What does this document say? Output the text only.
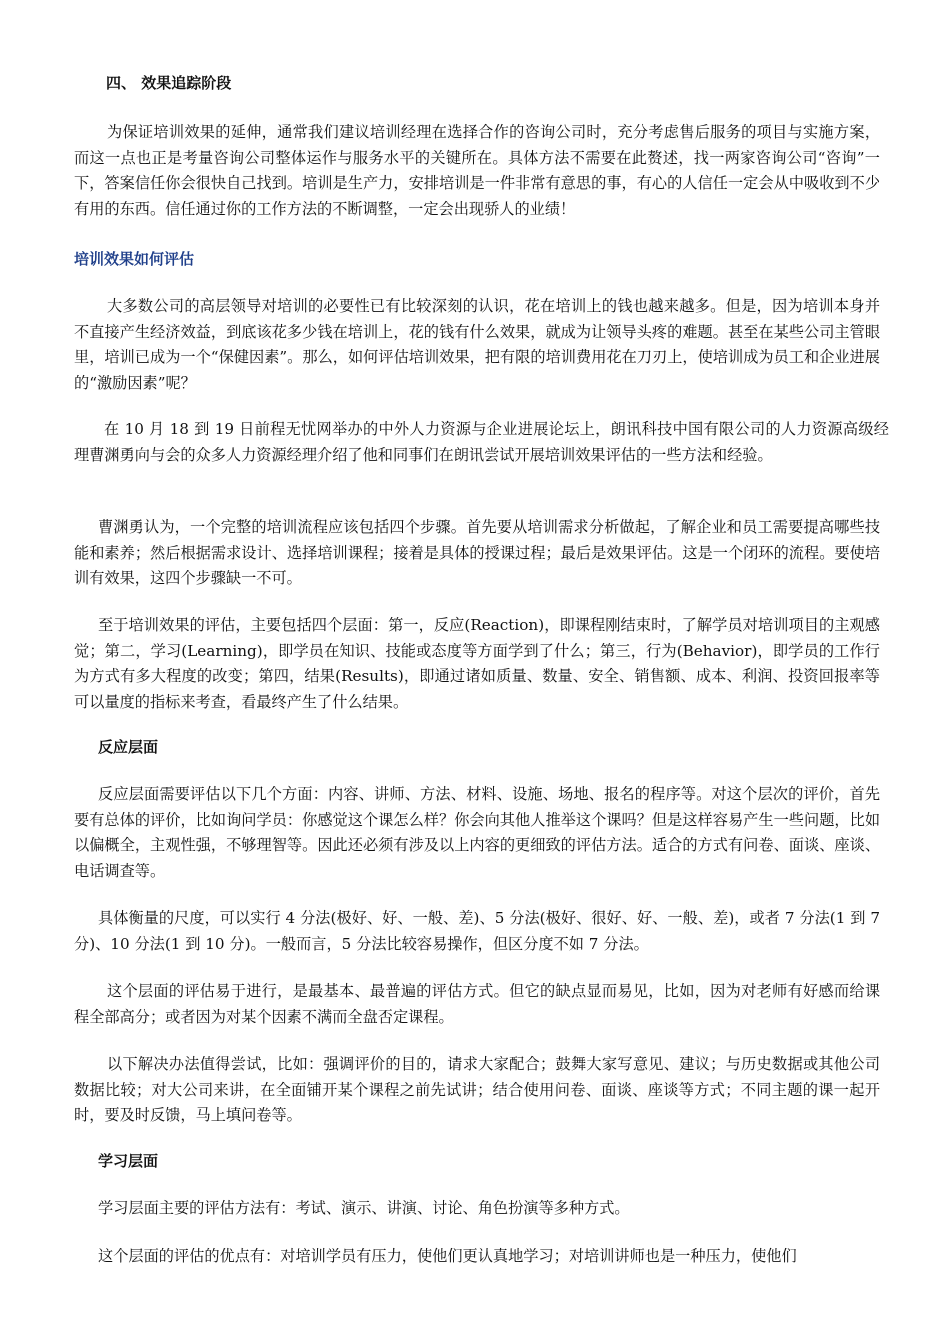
四、 效果追踪阶段

为保证培训效果的延伸，通常我们建议培训经理在选择合作的咨询公司时，充分考虑售后服务的项目与实施方案，而这一点也正是考量咨询公司整体运作与服务水平的关键所在。具体方法不需要在此赘述，找一两家咨询公司“咨询”一下，答案信任你会很快自己找到。培训是生产力，安排培训是一件非常有意思的事，有心的人信任一定会从中吸收到不少有用的东西。信任通过你的工作方法的不断调整，一定会出现骄人的业绩！

培训效果如何评估

大多数公司的高层领导对培训的必要性已有比较深刻的认识，花在培训上的钱也越来越多。但是，因为培训本身并不直接产生经济效益，到底该花多少钱在培训上，花的钱有什么效果，就成为让领导头疼的难题。甚至在某些公司主管眼里，培训已成为一个“保健因素”。那么，如何评估培训效果，把有限的培训费用花在刀刃上，使培训成为员工和企业进展的“激励因素”呢？

在 10 月 18 到 19 日前程无忧网举办的中外人力资源与企业进展论坛上，朗讯科技中国有限公司的人力资源高级经理曹渊勇向与会的众多人力资源经理介绍了他和同事们在朗讯尝试开展培训效果评估的一些方法和经验。

曹渊勇认为，一个完整的培训流程应该包括四个步骤。首先要从培训需求分析做起，了解企业和员工需要提高哪些技能和素养；然后根据需求设计、选择培训课程；接着是具体的授课过程；最后是效果评估。这是一个闭环的流程。要使培训有效果，这四个步骤缺一不可。

至于培训效果的评估，主要包括四个层面：第一，反应(Reaction)，即课程刚结束时，了解学员对培训项目的主观感觉；第二，学习(Learning)，即学员在知识、技能或态度等方面学到了什么；第三，行为(Behavior)，即学员的工作行为方式有多大程度的改变；第四，结果(Results)，即通过诸如质量、数量、安全、销售额、成本、利润、投资回报率等可以量度的指标来考查，看最终产生了什么结果。

反应层面

反应层面需要评估以下几个方面：内容、讲师、方法、材料、设施、场地、报名的程序等。对这个层次的评价，首先要有总体的评价，比如询问学员：你感觉这个课怎么样？你会向其他人推举这个课吗？但是这样容易产生一些问题，比如以偏概全，主观性强，不够理智等。因此还必须有涉及以上内容的更细致的评估方法。适合的方式有问卷、面谈、座谈、电话调查等。

具体衡量的尺度，可以实行 4 分法(极好、好、一般、差)、5 分法(极好、很好、好、一般、差)，或者 7 分法(1 到 7 分)、10 分法(1 到 10 分)。一般而言，5 分法比较容易操作，但区分度不如 7 分法。

这个层面的评估易于进行，是最基本、最普遍的评估方式。但它的缺点显而易见，比如，因为对老师有好感而给课程全部高分；或者因为对某个因素不满而全盘否定课程。

以下解决办法值得尝试，比如：强调评价的目的，请求大家配合；鼓舞大家写意见、建议；与历史数据或其他公司数据比较；对大公司来讲，在全面铺开某个课程之前先试讲；结合使用问卷、面谈、座谈等方式；不同主题的课一起开时，要及时反馈，马上填问卷等。

学习层面

学习层面主要的评估方法有：考试、演示、讲演、讨论、角色扮演等多种方式。

这个层面的评估的优点有：对培训学员有压力，使他们更认真地学习；对培训讲师也是一种压力，使他们
